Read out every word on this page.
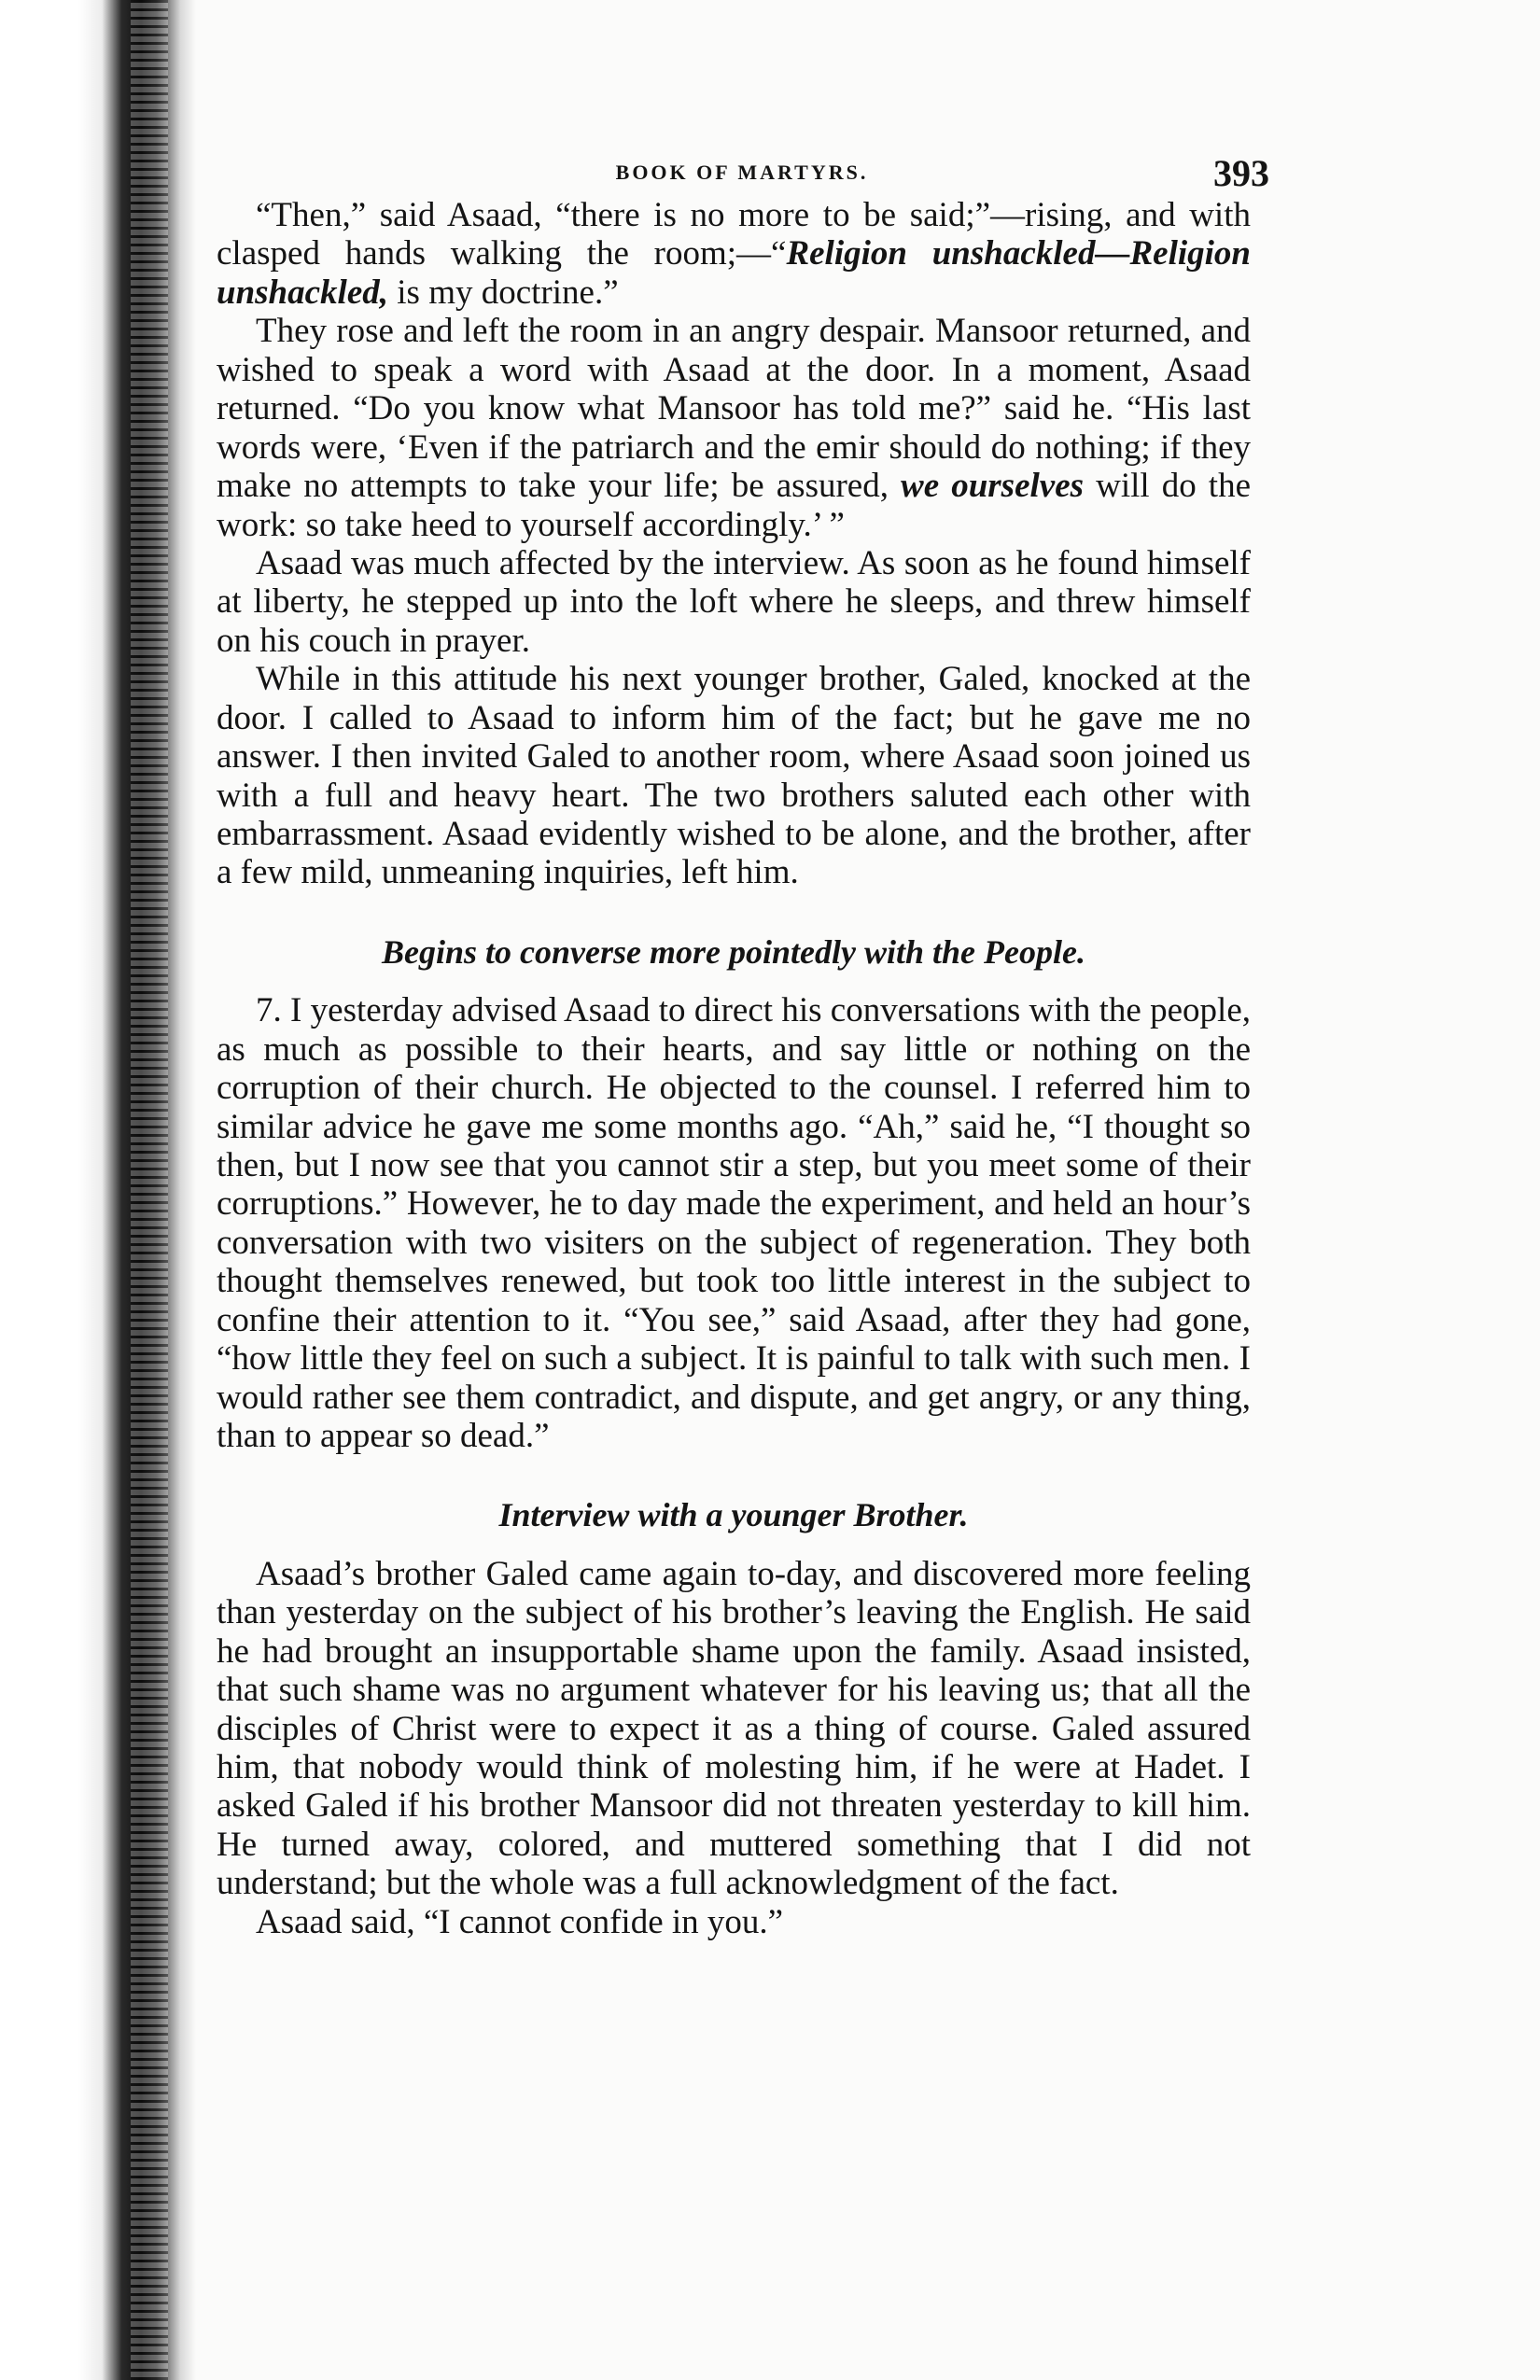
BOOK OF MARTYRS.	393

“Then,” said Asaad, “there is no more to be said;”—rising, and with clasped hands walking the room;—“Religion unshackled—Religion unshackled, is my doctrine.”

They rose and left the room in an angry despair. Mansoor returned, and wished to speak a word with Asaad at the door. In a moment, Asaad returned. “Do you know what Mansoor has told me?” said he. “His last words were, ‘Even if the patriarch and the emir should do nothing; if they make no attempts to take your life; be assured, we ourselves will do the work: so take heed to yourself accordingly.’ ”

Asaad was much affected by the interview. As soon as he found himself at liberty, he stepped up into the loft where he sleeps, and threw himself on his couch in prayer.

While in this attitude his next younger brother, Galed, knocked at the door. I called to Asaad to inform him of the fact; but he gave me no answer. I then invited Galed to another room, where Asaad soon joined us with a full and heavy heart. The two brothers saluted each other with embarrassment. Asaad evidently wished to be alone, and the brother, after a few mild, unmeaning inquiries, left him.

Begins to converse more pointedly with the People.

7. I yesterday advised Asaad to direct his conversations with the people, as much as possible to their hearts, and say little or nothing on the corruption of their church. He objected to the counsel. I referred him to similar advice he gave me some months ago. “Ah,” said he, “I thought so then, but I now see that you cannot stir a step, but you meet some of their corruptions.” However, he to day made the experiment, and held an hour’s conversation with two visiters on the subject of regeneration. They both thought themselves renewed, but took too little interest in the subject to confine their attention to it. “You see,” said Asaad, after they had gone, “how little they feel on such a subject. It is painful to talk with such men. I would rather see them contradict, and dispute, and get angry, or any thing, than to appear so dead.”

Interview with a younger Brother.

Asaad’s brother Galed came again to-day, and discovered more feeling than yesterday on the subject of his brother’s leaving the English. He said he had brought an insupportable shame upon the family. Asaad insisted, that such shame was no argument whatever for his leaving us; that all the disciples of Christ were to expect it as a thing of course. Galed assured him, that nobody would think of molesting him, if he were at Hadet. I asked Galed if his brother Mansoor did not threaten yesterday to kill him. He turned away, colored, and muttered something that I did not understand; but the whole was a full acknowledgment of the fact.

Asaad said, “I cannot confide in you.”
